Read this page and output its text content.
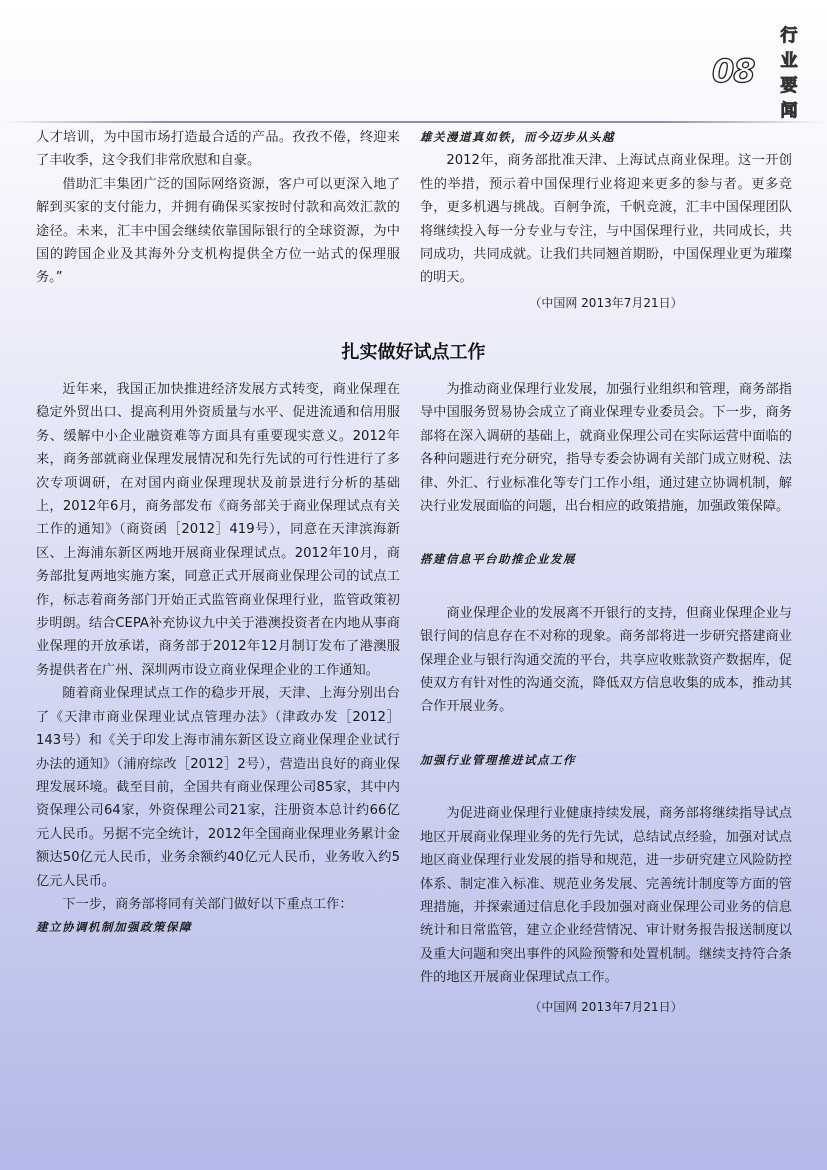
08
行业要闻

人才培训，为中国市场打造最合适的产品。孜孜不倦，终迎来了丰收季，这令我们非常欣慰和自豪。

借助汇丰集团广泛的国际网络资源，客户可以更深入地了解到买家的支付能力，并拥有确保买家按时付款和高效汇款的途径。未来，汇丰中国会继续依靠国际银行的全球资源，为中国的跨国企业及其海外分支机构提供全方位一站式的保理服务。”

雄关漫道真如铁，而今迈步从头越

2012年，商务部批准天津、上海试点商业保理。这一开创性的举措，预示着中国保理行业将迎来更多的参与者。更多竞争，更多机遇与挑战。百舸争流，千帆竞渡，汇丰中国保理团队将继续投入每一分专业与专注，与中国保理行业，共同成长，共同成功，共同成就。让我们共同翘首期盼，中国保理业更为璀璨的明天。

（中国网 2013年7月21日）

扎实做好试点工作

近年来，我国正加快推进经济发展方式转变，商业保理在稳定外贸出口、提高利用外资质量与水平、促进流通和信用服务、缓解中小企业融资难等方面具有重要现实意义。2012年来，商务部就商业保理发展情况和先行先试的可行性进行了多次专项调研，在对国内商业保理现状及前景进行分析的基础上，2012年6月，商务部发布《商务部关于商业保理试点有关工作的通知》（商资函［2012］419号），同意在天津滨海新区、上海浦东新区两地开展商业保理试点。2012年10月，商务部批复两地实施方案，同意正式开展商业保理公司的试点工作，标志着商务部门开始正式监管商业保理行业，监管政策初步明朗。结合CEPA补充协议九中关于港澳投资者在内地从事商业保理的开放承诺，商务部于2012年12月制订发布了港澳服务提供者在广州、深圳两市设立商业保理企业的工作通知。

随着商业保理试点工作的稳步开展，天津、上海分别出台了《天津市商业保理业试点管理办法》（津政办发［2012］143号）和《关于印发上海市浦东新区设立商业保理企业试行办法的通知》（浦府综改［2012］2号），营造出良好的商业保理发展环境。截至目前，全国共有商业保理公司85家，其中内资保理公司64家，外资保理公司21家，注册资本总计约66亿元人民币。另据不完全统计，2012年全国商业保理业务累计金额达50亿元人民币，业务余额约40亿元人民币，业务收入约5亿元人民币。

下一步，商务部将同有关部门做好以下重点工作：

建立协调机制加强政策保障

为推动商业保理行业发展，加强行业组织和管理，商务部指导中国服务贸易协会成立了商业保理专业委员会。下一步，商务部将在深入调研的基础上，就商业保理公司在实际运营中面临的各种问题进行充分研究，指导专委会协调有关部门成立财税、法律、外汇、行业标准化等专门工作小组，通过建立协调机制，解决行业发展面临的问题，出台相应的政策措施，加强政策保障。

搭建信息平台助推企业发展

商业保理企业的发展离不开银行的支持，但商业保理企业与银行间的信息存在不对称的现象。商务部将进一步研究搭建商业保理企业与银行沟通交流的平台，共享应收账款资产数据库，促使双方有针对性的沟通交流，降低双方信息收集的成本，推动其合作开展业务。

加强行业管理推进试点工作

为促进商业保理行业健康持续发展，商务部将继续指导试点地区开展商业保理业务的先行先试，总结试点经验，加强对试点地区商业保理行业发展的指导和规范，进一步研究建立风险防控体系、制定准入标准、规范业务发展、完善统计制度等方面的管理措施，并探索通过信息化手段加强对商业保理公司业务的信息统计和日常监管，建立企业经营情况、审计财务报告报送制度以及重大问题和突出事件的风险预警和处置机制。继续支持符合条件的地区开展商业保理试点工作。

（中国网 2013年7月21日）
